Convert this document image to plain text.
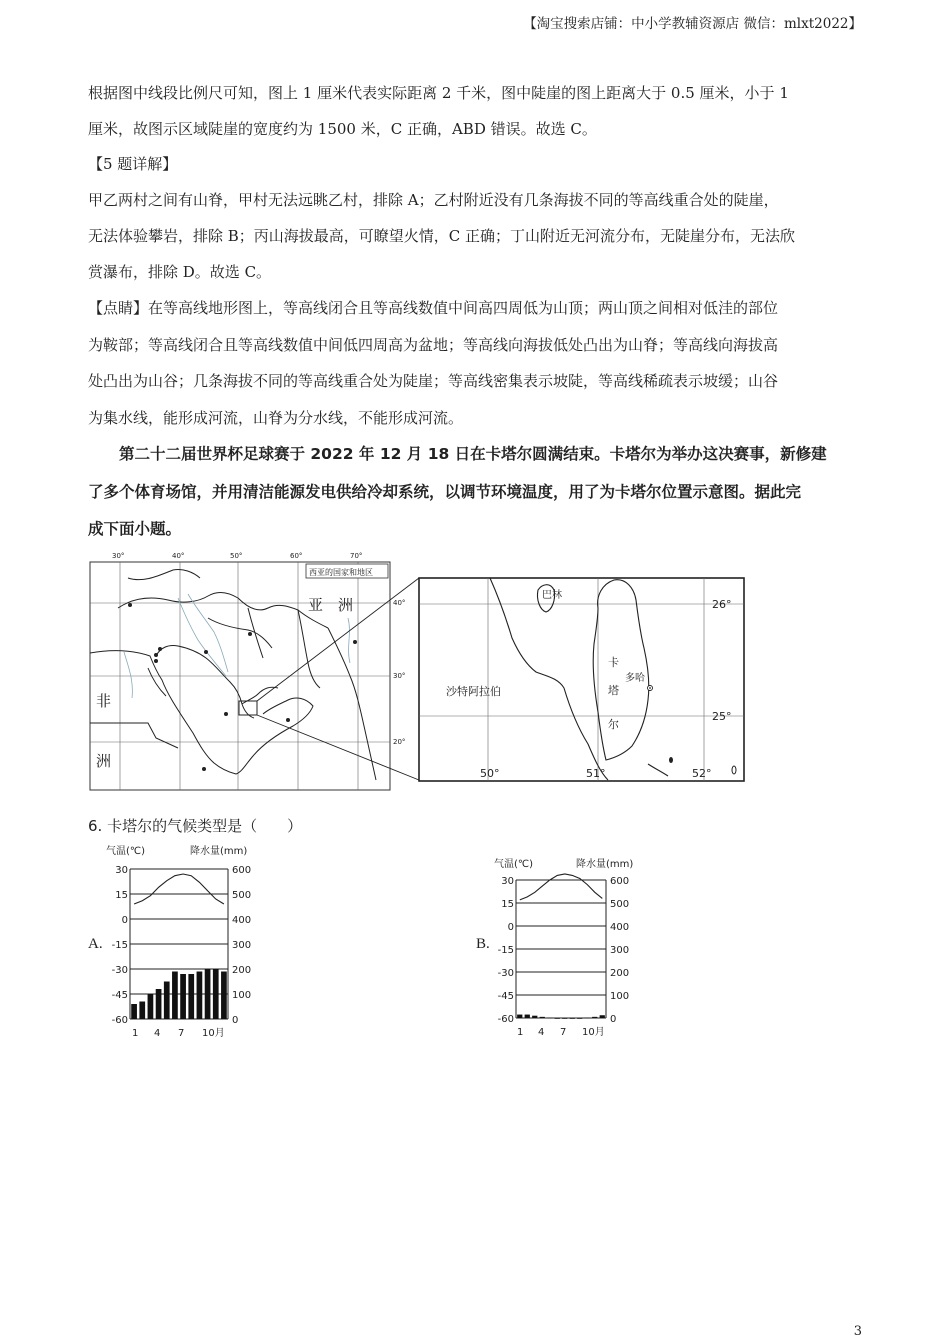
【淘宝搜索店铺：中小学教辅资源店 微信：mlxt2022】
根据图中线段比例尺可知，图上 1 厘米代表实际距离 2 千米，图中陡崖的图上距离大于 0.5 厘米，小于 1
厘米，故图示区域陡崖的宽度约为 1500 米，C 正确，ABD 错误。故选 C。
【5 题详解】
甲乙两村之间有山脊，甲村无法远眺乙村，排除 A；乙村附近没有几条海拔不同的等高线重合处的陡崖，
无法体验攀岩，排除 B；丙山海拔最高，可瞭望火情，C 正确；丁山附近无河流分布，无陡崖分布，无法欣
赏瀑布，排除 D。故选 C。
【点睛】在等高线地形图上，等高线闭合且等高线数值中间高四周低为山顶；两山顶之间相对低洼的部位
为鞍部；等高线闭合且等高线数值中间低四周高为盆地；等高线向海拔低处凸出为山脊；等高线向海拔高
处凸出为山谷；几条海拔不同的等高线重合处为陡崖；等高线密集表示坡陡，等高线稀疏表示坡缓；山谷
为集水线，能形成河流，山脊为分水线，不能形成河流。
　　第二十二届世界杯足球赛于 2022 年 12 月 18 日在卡塔尔圆满结束。卡塔尔为举办这决赛事，新修建
了多个体育场馆，并用清洁能源发电供给冷却系统，以调节环境温度，用了为卡塔尔位置示意图。据此完
成下面小题。
30°	40°	50°	60°	70°
40°
30°
20°
西亚的国家和地区
亚　洲
非
洲
巴林
沙特阿拉伯
卡
塔
尔
多哈
26°
25°
50°	51°	52°
6. 卡塔尔的气候类型是（　　）
A.	B.
气温(℃)	降水量(mm)
30
15
0
-15
-30
-45
-60
600
500
400
300
200
100
0
1 4 7 10月
气温(℃)	降水量(mm)
30
15
0
-15
-30
-45
-60
600
500
400
300
200
100
0
1 4 7 10月
3
